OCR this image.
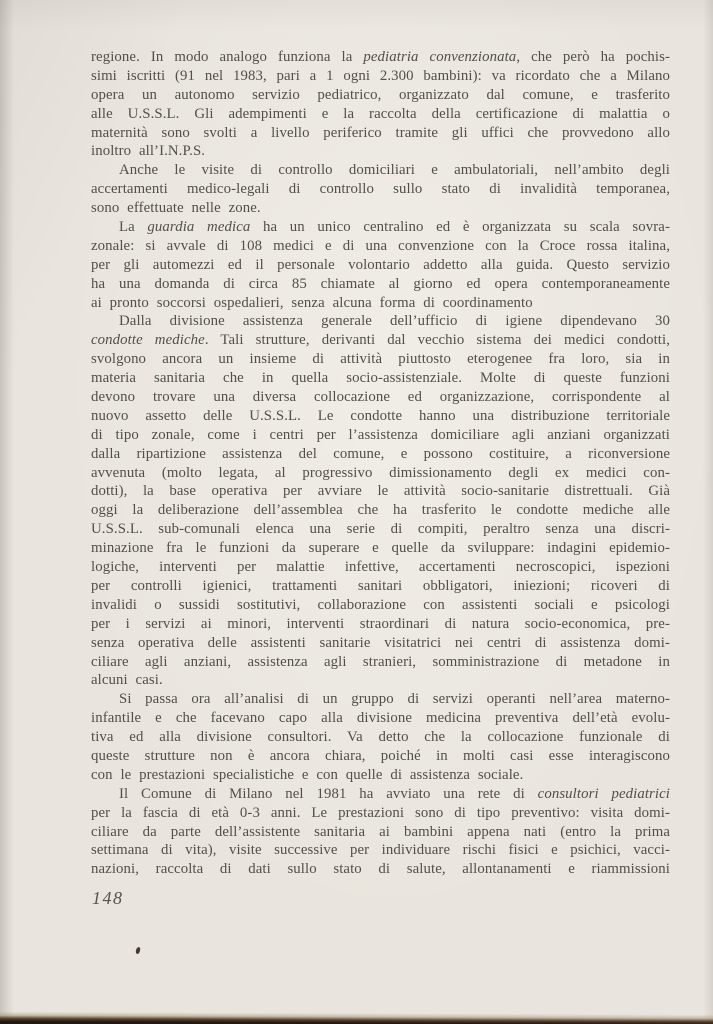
regione. In modo analogo funziona la pediatria convenzionata, che però ha pochis-
simi iscritti (91 nel 1983, pari a 1 ogni 2.300 bambini): va ricordato che a Milano
opera un autonomo servizio pediatrico, organizzato dal comune, e trasferito
alle U.S.S.L. Gli adempimenti e la raccolta della certificazione di malattia o
maternità sono svolti a livello periferico tramite gli uffici che provvedono allo
inoltro all’I.N.P.S.
Anche le visite di controllo domiciliari e ambulatoriali, nell’ambito degli
accertamenti medico-legali di controllo sullo stato di invalidità temporanea,
sono effettuate nelle zone.
La guardia medica ha un unico centralino ed è organizzata su scala sovra-
zonale: si avvale di 108 medici e di una convenzione con la Croce rossa italina,
per gli automezzi ed il personale volontario addetto alla guida. Questo servizio
ha una domanda di circa 85 chiamate al giorno ed opera contemporaneamente
ai pronto soccorsi ospedalieri, senza alcuna forma di coordinamento
Dalla divisione assistenza generale dell’ufficio di igiene dipendevano 30
condotte mediche. Tali strutture, derivanti dal vecchio sistema dei medici condotti,
svolgono ancora un insieme di attività piuttosto eterogenee fra loro, sia in
materia sanitaria che in quella socio-assistenziale. Molte di queste funzioni
devono trovare una diversa collocazione ed organizzazione, corrispondente al
nuovo assetto delle U.S.S.L. Le condotte hanno una distribuzione territoriale
di tipo zonale, come i centri per l’assistenza domiciliare agli anziani organizzati
dalla ripartizione assistenza del comune, e possono costituire, a riconversione
avvenuta (molto legata, al progressivo dimissionamento degli ex medici con-
dotti), la base operativa per avviare le attività socio-sanitarie distrettuali. Già
oggi la deliberazione dell’assemblea che ha trasferito le condotte mediche alle
U.S.S.L. sub-comunali elenca una serie di compiti, peraltro senza una discri-
minazione fra le funzioni da superare e quelle da sviluppare: indagini epidemio-
logiche, interventi per malattie infettive, accertamenti necroscopici, ispezioni
per controlli igienici, trattamenti sanitari obbligatori, iniezioni; ricoveri di
invalidi o sussidi sostitutivi, collaborazione con assistenti sociali e psicologi
per i servizi ai minori, interventi straordinari di natura socio-economica, pre-
senza operativa delle assistenti sanitarie visitatrici nei centri di assistenza domi-
ciliare agli anziani, assistenza agli stranieri, somministrazione di metadone in
alcuni casi.
Si passa ora all’analisi di un gruppo di servizi operanti nell’area materno-
infantile e che facevano capo alla divisione medicina preventiva dell’età evolu-
tiva ed alla divisione consultori. Va detto che la collocazione funzionale di
queste strutture non è ancora chiara, poiché in molti casi esse interagiscono
con le prestazioni specialistiche e con quelle di assistenza sociale.
Il Comune di Milano nel 1981 ha avviato una rete di consultori pediatrici
per la fascia di età 0-3 anni. Le prestazioni sono di tipo preventivo: visita domi-
ciliare da parte dell’assistente sanitaria ai bambini appena nati (entro la prima
settimana di vita), visite successive per individuare rischi fisici e psichici, vacci-
nazioni, raccolta di dati sullo stato di salute, allontanamenti e riammissioni
148
